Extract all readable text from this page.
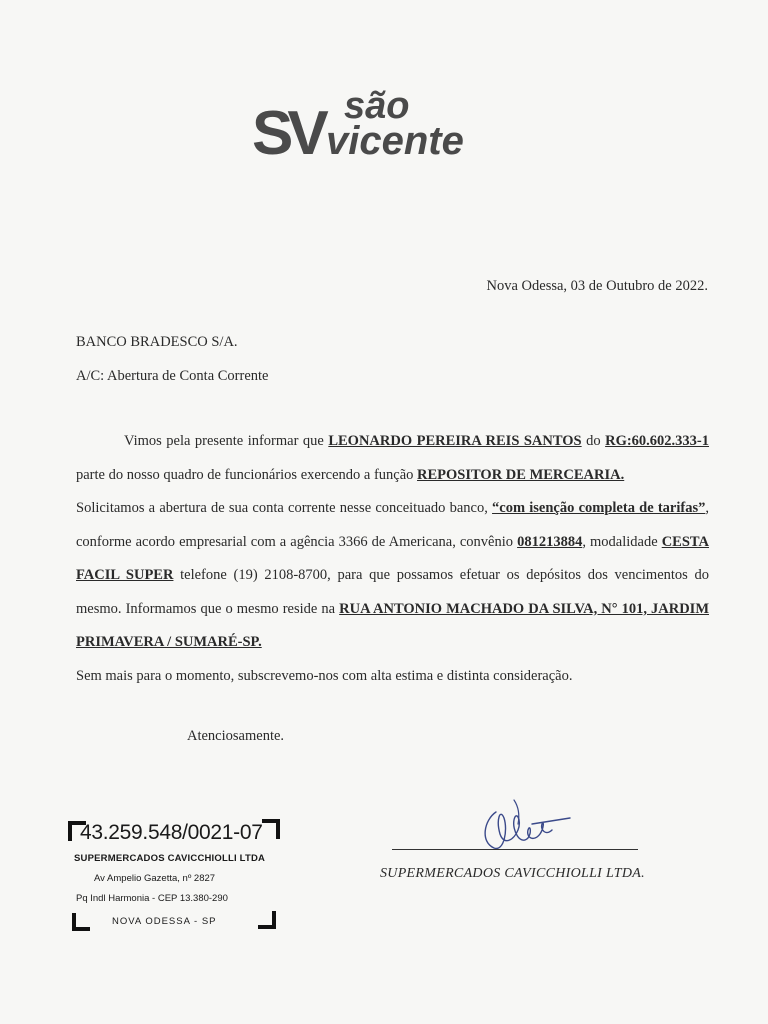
SV são
vicente
Nova Odessa, 03 de Outubro de 2022.
BANCO BRADESCO S/A.
A/C: Abertura de Conta Corrente

Vimos pela presente informar que LEONARDO PEREIRA REIS SANTOS do RG:60.602.333-1 parte do nosso quadro de funcionários exercendo a função REPOSITOR DE MERCEARIA.

Solicitamos a abertura de sua conta corrente nesse conceituado banco, “com isenção completa de tarifas”, conforme acordo empresarial com a agência 3366 de Americana, convênio 081213884, modalidade CESTA FACIL SUPER telefone (19) 2108-8700, para que possamos efetuar os depósitos dos vencimentos do mesmo. Informamos que o mesmo reside na RUA ANTONIO MACHADO DA SILVA, N° 101, JARDIM PRIMAVERA / SUMARÉ-SP.

Sem mais para o momento, subscrevemo-nos com alta estima e distinta consideração.

Atenciosamente.
43.259.548/0021-07
SUPERMERCADOS CAVICCHIOLLI LTDA
Av Ampelio Gazetta, nº 2827
Pq Indl Harmonia - CEP 13.380-290
NOVA ODESSA - SP
SUPERMERCADOS CAVICCHIOLLI LTDA.
